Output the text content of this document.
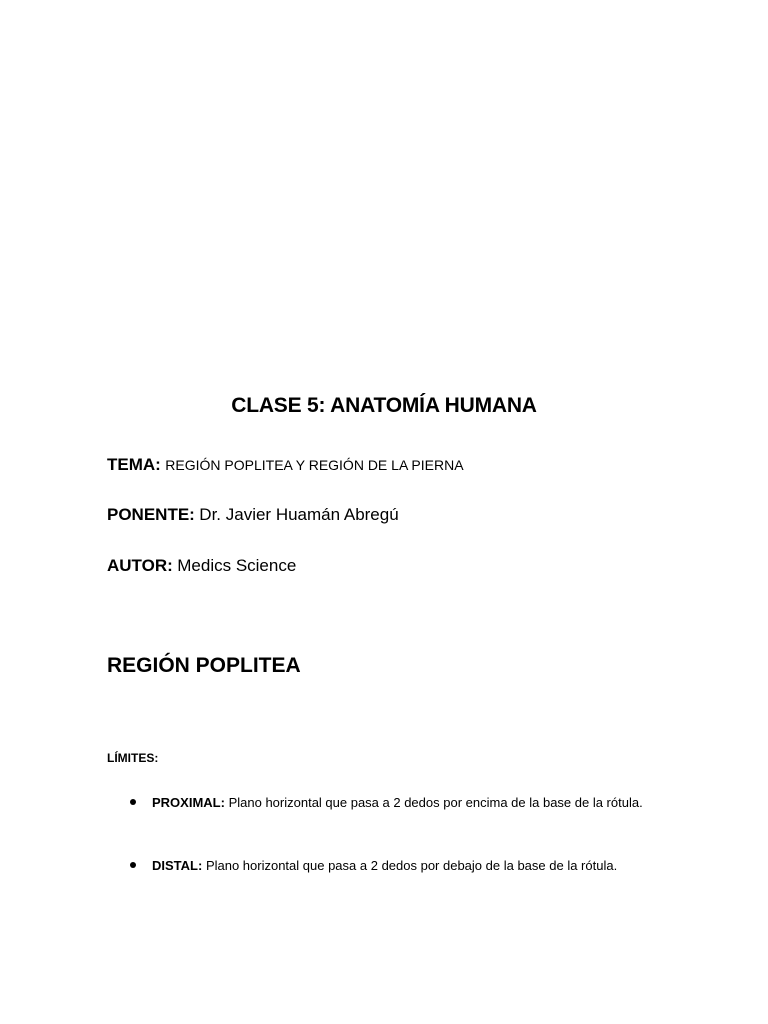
CLASE 5: ANATOMÍA HUMANA
TEMA: REGIÓN POPLITEA Y REGIÓN DE LA PIERNA
PONENTE: Dr. Javier Huamán Abregú
AUTOR: Medics Science
REGIÓN POPLITEA
LÍMITES:
PROXIMAL: Plano horizontal que pasa a 2 dedos por encima de la base de la rótula.
DISTAL: Plano horizontal que pasa a 2 dedos por debajo de la base de la rótula.
